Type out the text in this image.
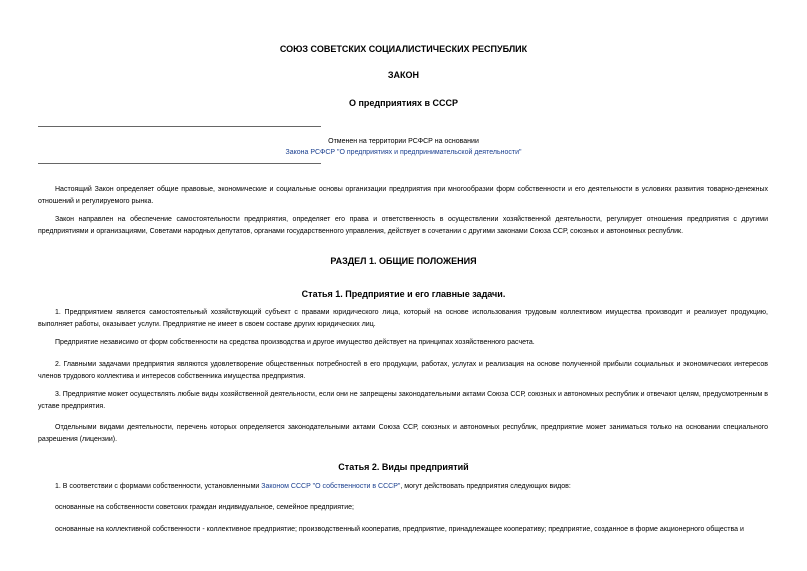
СОЮЗ СОВЕТСКИХ СОЦИАЛИСТИЧЕСКИХ РЕСПУБЛИК
ЗАКОН
О предприятиях в СССР
Отменен на территории РСФСР на основании
Закона РСФСР "О предприятиях и предпринимательской деятельности"
Настоящий Закон определяет общие правовые, экономические и социальные основы организации предприятия при многообразии форм собственности и его деятельности в условиях развития товарно-денежных отношений и регулируемого рынка.
Закон направлен на обеспечение самостоятельности предприятия, определяет его права и ответственность в осуществлении хозяйственной деятельности, регулирует отношения предприятия с другими предприятиями и организациями, Советами народных депутатов, органами государственного управления, действует в сочетании с другими законами Союза ССР, союзных и автономных республик.
РАЗДЕЛ 1. ОБЩИЕ ПОЛОЖЕНИЯ
Статья 1. Предприятие и его главные задачи.
1. Предприятием является самостоятельный хозяйствующий субъект с правами юридического лица, который на основе использования трудовым коллективом имущества производит и реализует продукцию, выполняет работы, оказывает услуги. Предприятие не имеет в своем составе других юридических лиц.
Предприятие независимо от форм собственности на средства производства и другое имущество действует на принципах хозяйственного расчета.
2. Главными задачами предприятия являются удовлетворение общественных потребностей в его продукции, работах, услугах и реализация на основе полученной прибыли социальных и экономических интересов членов трудового коллектива и интересов собственника имущества предприятия.
3. Предприятие может осуществлять любые виды хозяйственной деятельности, если они не запрещены законодательными актами Союза ССР, союзных и автономных республик и отвечают целям, предусмотренным в уставе предприятия.
Отдельными видами деятельности, перечень которых определяется законодательными актами Союза ССР, союзных и автономных республик, предприятие может заниматься только на основании специального разрешения (лицензии).
Статья 2. Виды предприятий
1. В соответствии с формами собственности, установленными Законом СССР "О собственности в СССР", могут действовать предприятия следующих видов:
основанные на собственности советских граждан индивидуальное, семейное предприятие;
основанные на коллективной собственности - коллективное предприятие; производственный кооператив, предприятие, принадлежащее кооперативу; предприятие, созданное в форме акционерного общества и
